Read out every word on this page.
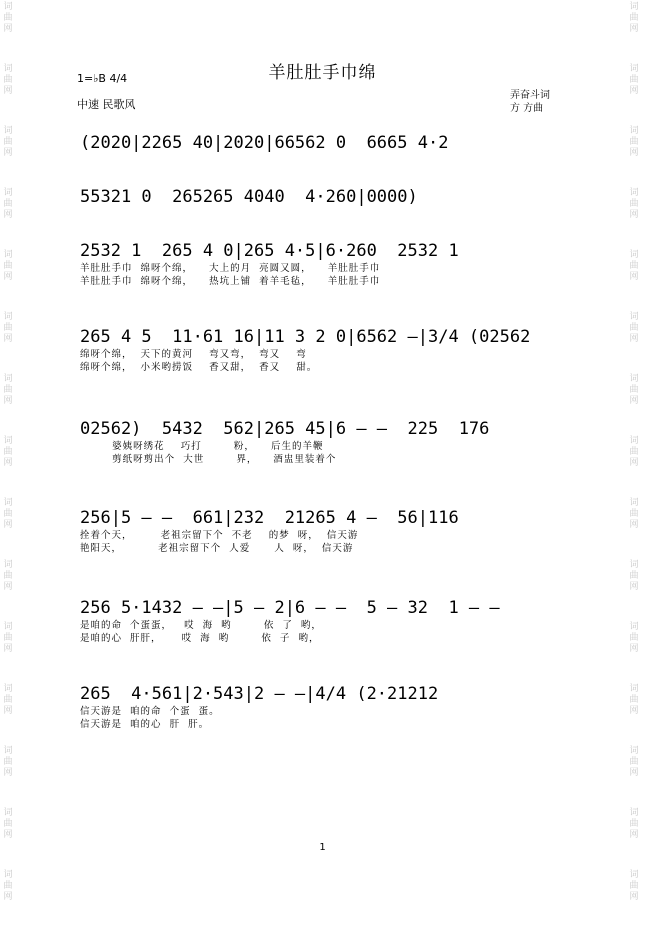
词
曲
网
词
曲
网
词
曲
网
词
曲
网
词
曲
网
词
曲
网
词
曲
网
词
曲
网
词
曲
网
词
曲
网
词
曲
网
词
曲
网
词
曲
网
词
曲
网
词
曲
网
词
曲
网
词
曲
网
词
曲
网
词
曲
网
词
曲
网
词
曲
网
词
曲
网
词
曲
网
词
曲
网
词
曲
网
词
曲
网
词
曲
网
词
曲
网
词
曲
网
词
曲
网
羊肚肚手巾绵
1=♭B 4/4
中速 民歌风
弄奋斗词
方 方曲
(2020|2265 40|2020|66562 0  6665 4·2
55321 0  265265 4040  4·260|0000)
2532 1  265 4 0|265 4·5|6·260  2532 1
羊肚肚手巾  绵呀个绵，    大上的月  亮圆又圆，    羊肚肚手巾
羊肚肚手巾  绵呀个绵，    热坑上铺  着羊毛毡，    羊肚肚手巾
265 4 5  11·61 16|11 3 2 0|6562 —|3/4 (02562
绵呀个绵，  天下的黄河    弯又弯，  弯又    弯
绵呀个绵，  小米哟捞饭    香又甜，  香又    甜。
02562)  5432  562|265 45|6 — —  225  176
婆姨呀绣花    巧打        粉，    后生的羊鞭
剪纸呀剪出个  大世        界，    酒盅里装着个
256|5 — —  661|232  21265 4 —  56|116
拴着个天，       老祖宗留下个  不老    的梦  呀，  信天游
艳阳天，         老祖宗留下个  人爱      人  呀，  信天游
256 5·1432 — —|5 — 2|6 — —  5 — 32  1 — —
是咱的命  个蛋蛋，   哎  海  哟        依  了  哟，
是咱的心  肝肝，     哎  海  哟        依  子  哟，
265  4·561|2·543|2 — —|4/4 (2·21212
信天游是  咱的命  个蛋  蛋。
信天游是  咱的心  肝  肝。
1
